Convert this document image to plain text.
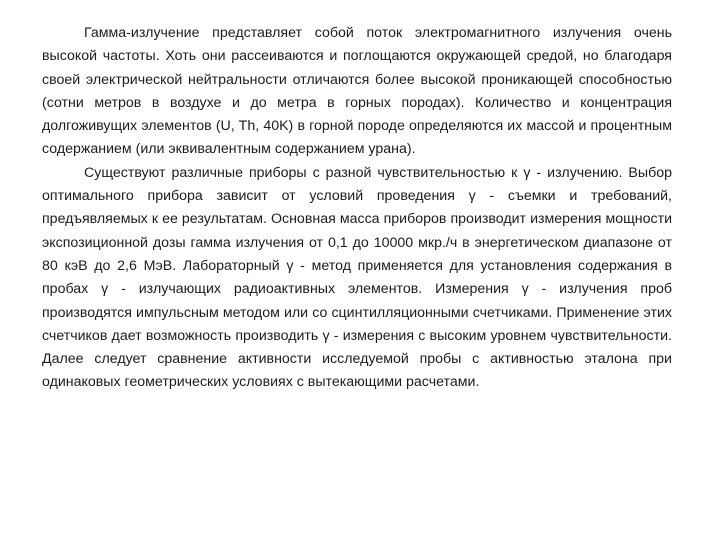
Гамма-излучение представляет собой поток электромагнитного излучения очень высокой частоты. Хоть они рассеиваются и поглощаются окружающей средой, но благодаря своей электрической нейтральности отличаются более высокой проникающей способностью (сотни метров в воздухе и до метра в горных породах). Количество и концентрация долгоживущих элементов (U, Th, 40K) в горной породе определяются их массой и процентным содержанием (или эквивалентным содержанием урана).

Существуют различные приборы с разной чувствительностью к γ - излучению. Выбор оптимального прибора зависит от условий проведения γ - съемки и требований, предъявляемых к ее результатам. Основная масса приборов производит измерения мощности экспозиционной дозы гамма излучения от 0,1 до 10000 мкр./ч в энергетическом диапазоне от 80 кэВ до 2,6 МэВ. Лабораторный γ - метод применяется для установления содержания в пробах γ - излучающих радиоактивных элементов. Измерения γ - излучения проб производятся импульсным методом или со сцинтилляционными счетчиками. Применение этих счетчиков дает возможность производить γ - измерения с высоким уровнем чувствительности. Далее следует сравнение активности исследуемой пробы с активностью эталона при одинаковых геометрических условиях с вытекающими расчетами.
